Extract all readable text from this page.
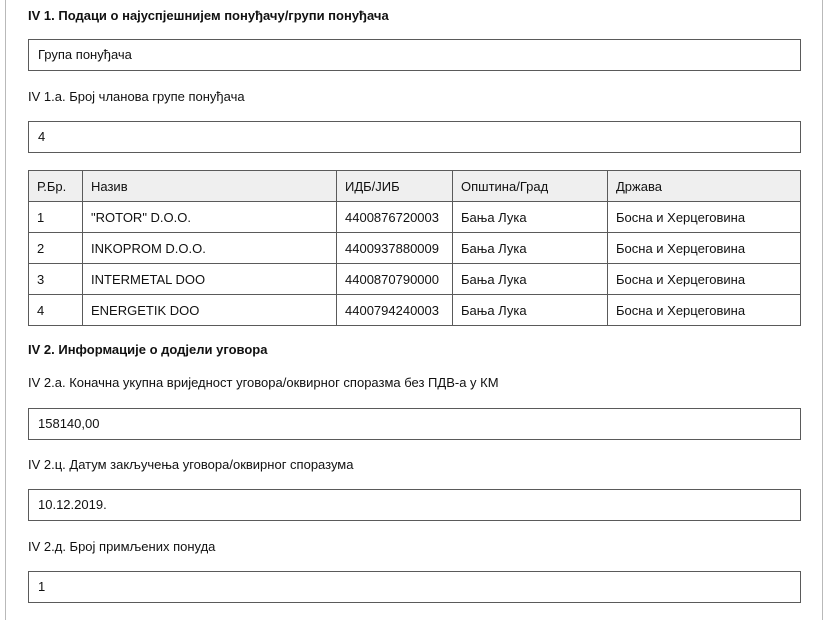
IV 1. Подаци о најуспјешнијем понуђачу/групи понуђача
Група понуђача
IV 1.а. Број чланова групе понуђача
4
Р.Бр.	Назив	ИДБ/ЈИБ	Општина/Град	Држава
1	"ROTOR" D.O.O.	4400876720003	Бања Лука	Босна и Херцеговина
2	INKOPROM D.O.O.	4400937880009	Бања Лука	Босна и Херцеговина
3	INTERMETAL DOO	4400870790000	Бања Лука	Босна и Херцеговина
4	ENERGETIK DOO	4400794240003	Бања Лука	Босна и Херцеговина
IV 2. Информације о додјели уговора
IV 2.а. Коначна укупна вриједност уговора/оквирног споразма без ПДВ-а у КМ
158140,00
IV 2.ц. Датум закључења уговора/оквирног споразума
10.12.2019.
IV 2.д. Број примљених понуда
1
